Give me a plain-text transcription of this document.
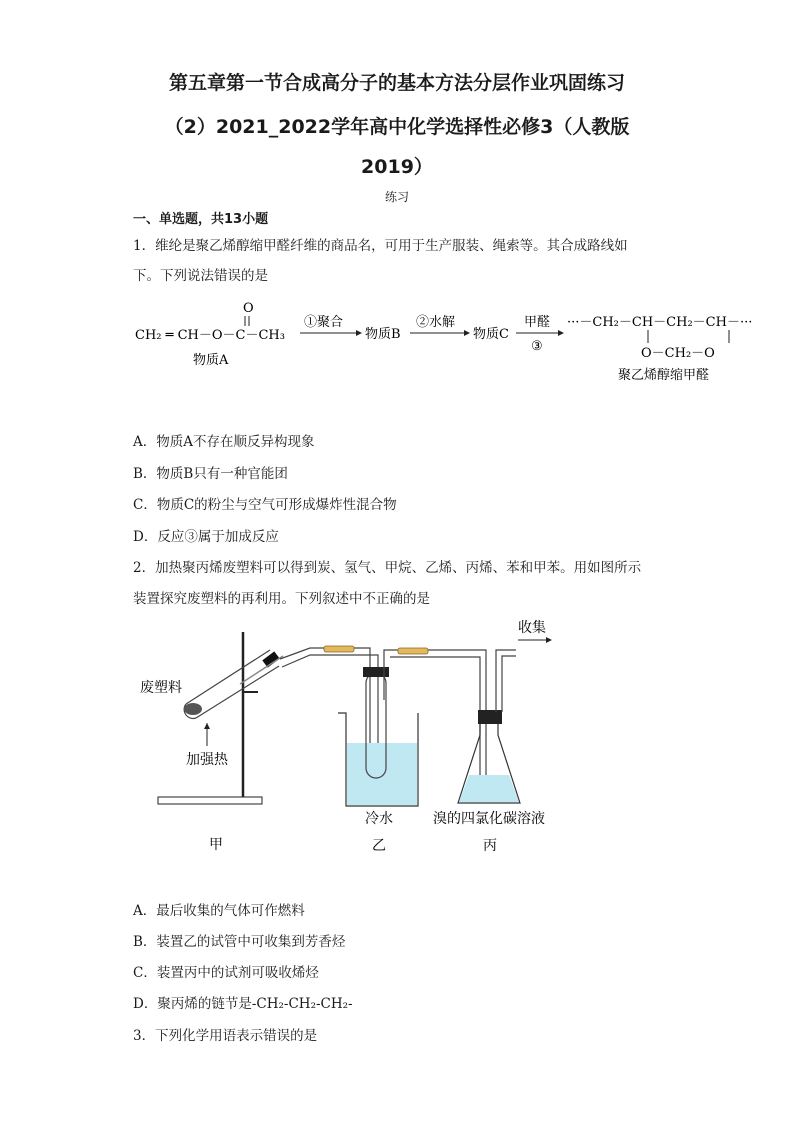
第五章第一节合成高分子的基本方法分层作业巩固练习
（2）2021_2022学年高中化学选择性必修3（人教版
2019）
练习
一、单选题，共13小题
1．维纶是聚乙烯醇缩甲醛纤维的商品名，可用于生产服装、绳索等。其合成路线如
下。下列说法错误的是
O
CH₂ ═ CH－O－C－CH₃
物质A
①聚合
物质B
②水解
物质C
甲醛
③
···－CH₂－CH－CH₂－CH－···
O－CH₂－O
聚乙烯醇缩甲醛
A．物质A不存在顺反异构现象
B．物质B只有一种官能团
C．物质C的粉尘与空气可形成爆炸性混合物
D．反应③属于加成反应
2．加热聚丙烯废塑料可以得到炭、氢气、甲烷、乙烯、丙烯、苯和甲苯。用如图所示
装置探究废塑料的再利用。下列叙述中不正确的是
收集
废塑料
加强热
冷水	溴的四氯化碳溶液
甲	乙	丙
A．最后收集的气体可作燃料
B．装置乙的试管中可收集到芳香烃
C．装置丙中的试剂可吸收烯烃
D．聚丙烯的链节是-CH₂-CH₂-CH₂-
3．下列化学用语表示错误的是
